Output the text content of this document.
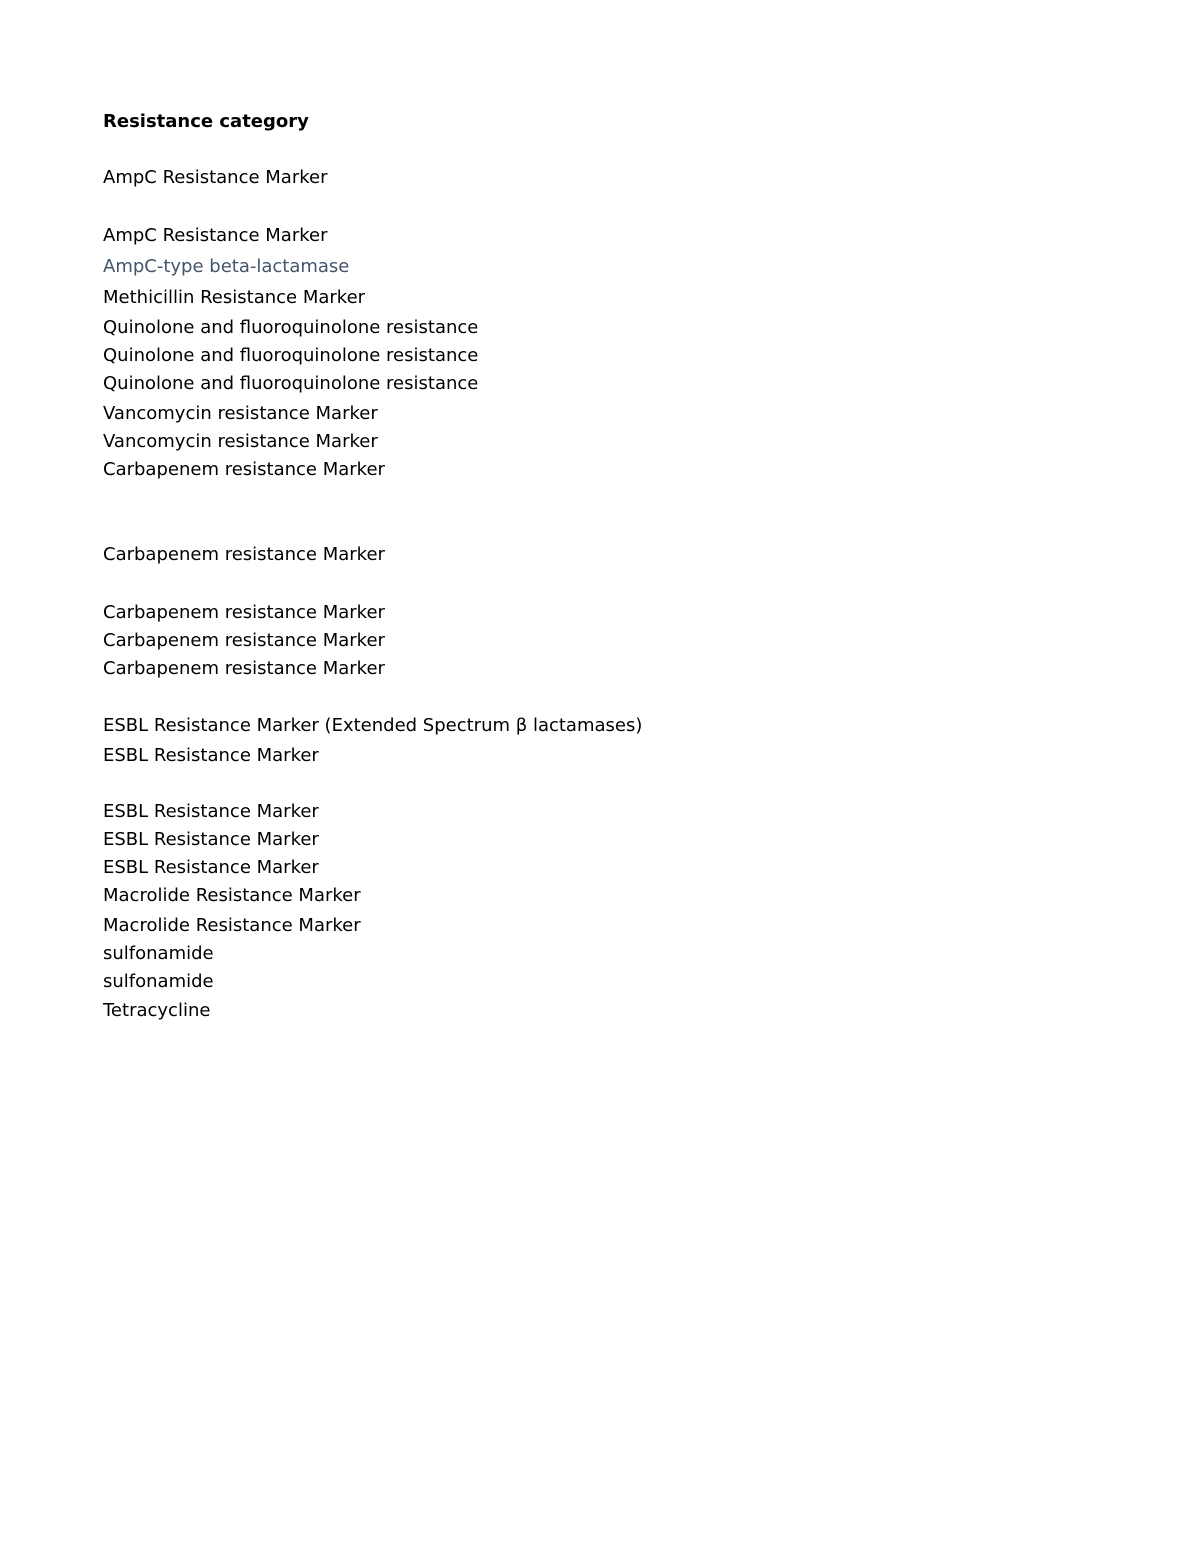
Resistance category
AmpC Resistance Marker
AmpC Resistance Marker
AmpC-type beta-lactamase
Methicillin Resistance Marker
Quinolone and fluoroquinolone resistance
Quinolone and fluoroquinolone resistance
Quinolone and fluoroquinolone resistance
Vancomycin resistance Marker
Vancomycin resistance Marker
Carbapenem resistance Marker
Carbapenem resistance Marker
Carbapenem resistance Marker
Carbapenem resistance Marker
Carbapenem resistance Marker
ESBL Resistance Marker (Extended Spectrum β lactamases)
ESBL Resistance Marker
ESBL Resistance Marker
ESBL Resistance Marker
ESBL Resistance Marker
Macrolide Resistance Marker
Macrolide Resistance Marker
sulfonamide
sulfonamide
Tetracycline
